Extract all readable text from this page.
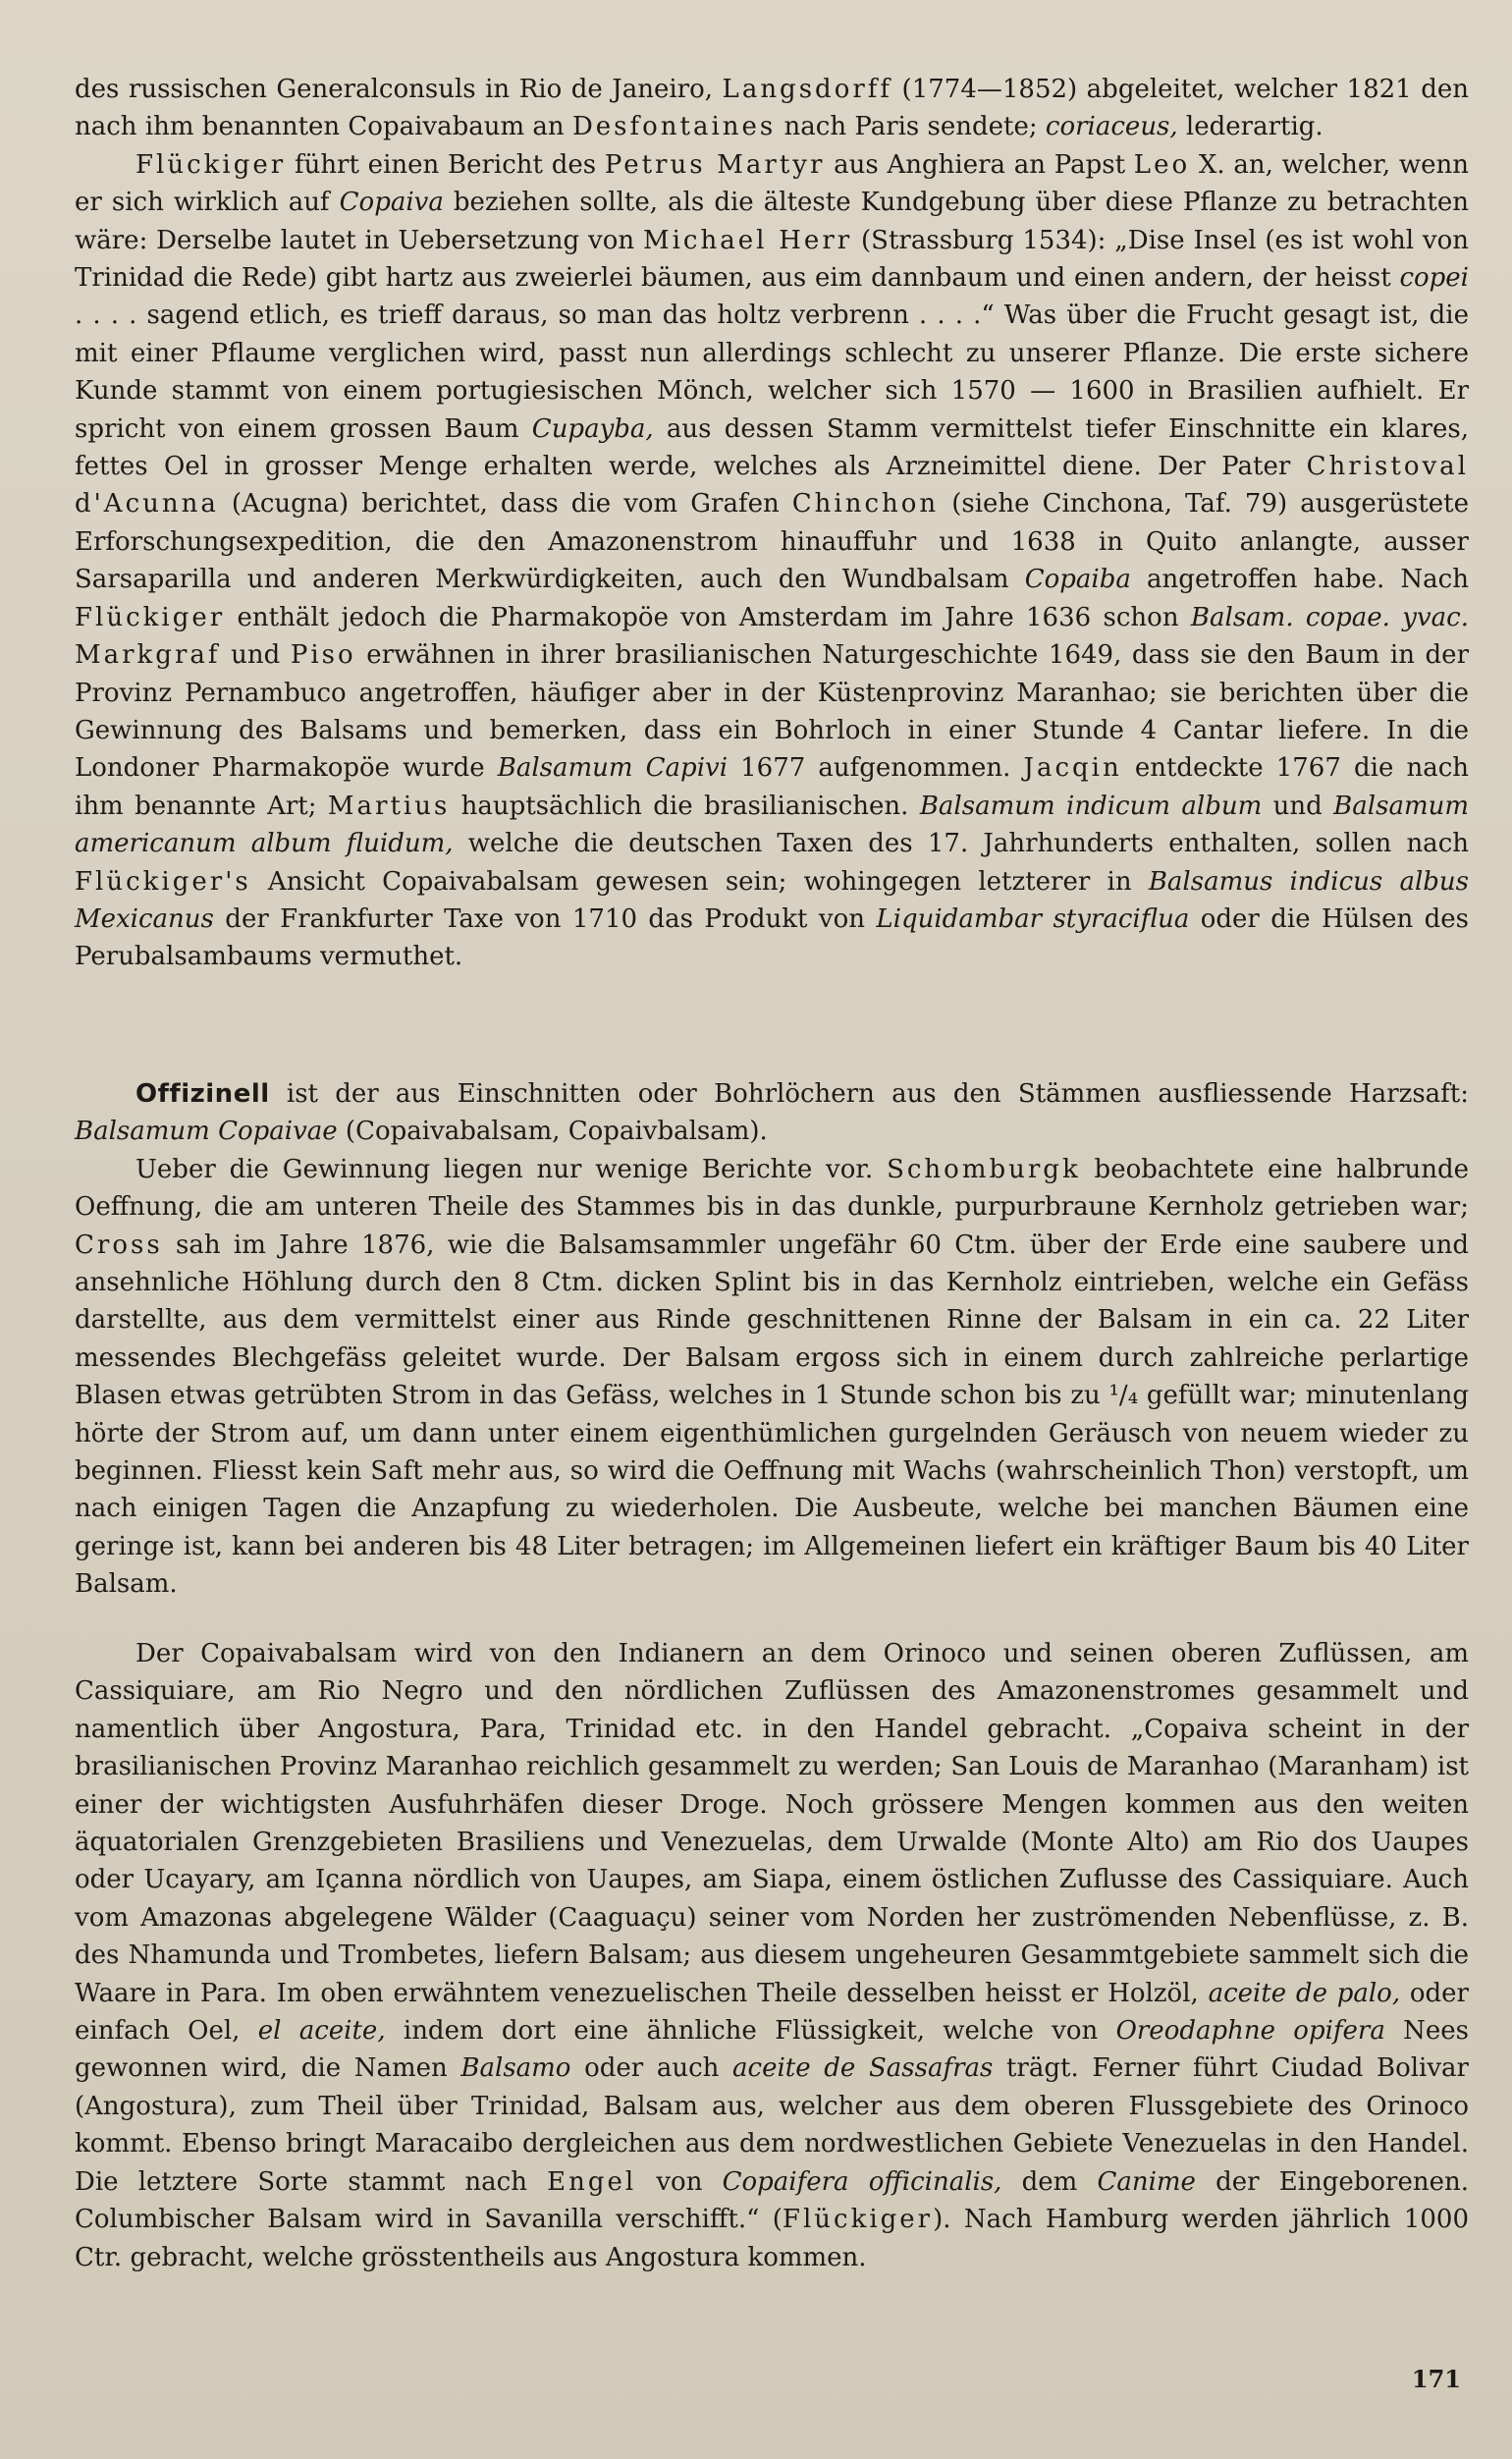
des russischen Generalconsuls in Rio de Janeiro, Langsdorff (1774—1852) abgeleitet, welcher 1821 den nach ihm benannten Copaivabaum an Desfontaines nach Paris sendete; coriaceus, lederartig.

Flückiger führt einen Bericht des Petrus Martyr aus Anghiera an Papst Leo X. an, welcher, wenn er sich wirklich auf Copaiva beziehen sollte, als die älteste Kundgebung über diese Pflanze zu betrachten wäre: Derselbe lautet in Uebersetzung von Michael Herr (Strassburg 1534): „Dise Insel (es ist wohl von Trinidad die Rede) gibt hartz aus zweierlei bäumen, aus eim dannbaum und einen andern, der heisst copei . . . . sagend etlich, es trieff daraus, so man das holtz verbrenn . . . .“ Was über die Frucht gesagt ist, die mit einer Pflaume verglichen wird, passt nun allerdings schlecht zu unserer Pflanze. Die erste sichere Kunde stammt von einem portugiesischen Mönch, welcher sich 1570 — 1600 in Brasilien aufhielt. Er spricht von einem grossen Baum Cupayba, aus dessen Stamm vermittelst tiefer Einschnitte ein klares, fettes Oel in grosser Menge erhalten werde, welches als Arzneimittel diene. Der Pater Christoval d'Acunna (Acugna) berichtet, dass die vom Grafen Chinchon (siehe Cinchona, Taf. 79) ausgerüstete Erforschungsexpedition, die den Amazonenstrom hinauffuhr und 1638 in Quito anlangte, ausser Sarsaparilla und anderen Merkwürdigkeiten, auch den Wundbalsam Copaiba angetroffen habe. Nach Flückiger enthält jedoch die Pharmakopöe von Amsterdam im Jahre 1636 schon Balsam. copae. yvac. Markgraf und Piso erwähnen in ihrer brasilianischen Naturgeschichte 1649, dass sie den Baum in der Provinz Pernambuco angetroffen, häufiger aber in der Küstenprovinz Maranhao; sie berichten über die Gewinnung des Balsams und bemerken, dass ein Bohrloch in einer Stunde 4 Cantar liefere. In die Londoner Pharmakopöe wurde Balsamum Capivi 1677 aufgenommen. Jacqin entdeckte 1767 die nach ihm benannte Art; Martius hauptsächlich die brasilianischen. Balsamum indicum album und Balsamum americanum album fluidum, welche die deutschen Taxen des 17. Jahrhunderts enthalten, sollen nach Flückiger's Ansicht Copaivabalsam gewesen sein; wohingegen letzterer in Balsamus indicus albus Mexicanus der Frankfurter Taxe von 1710 das Produkt von Liquidambar styraciflua oder die Hülsen des Perubalsambaums vermuthet.

Offizinell ist der aus Einschnitten oder Bohrlöchern aus den Stämmen ausfliessende Harzsaft: Balsamum Copaivae (Copaivabalsam, Copaivbalsam).

Ueber die Gewinnung liegen nur wenige Berichte vor. Schomburgk beobachtete eine halbrunde Oeffnung, die am unteren Theile des Stammes bis in das dunkle, purpurbraune Kernholz getrieben war; Cross sah im Jahre 1876, wie die Balsamsammler ungefähr 60 Ctm. über der Erde eine saubere und ansehnliche Höhlung durch den 8 Ctm. dicken Splint bis in das Kernholz eintrieben, welche ein Gefäss darstellte, aus dem vermittelst einer aus Rinde geschnittenen Rinne der Balsam in ein ca. 22 Liter messendes Blechgefäss geleitet wurde. Der Balsam ergoss sich in einem durch zahlreiche perlartige Blasen etwas getrübten Strom in das Gefäss, welches in 1 Stunde schon bis zu ¹/₄ gefüllt war; minutenlang hörte der Strom auf, um dann unter einem eigenthümlichen gurgelnden Geräusch von neuem wieder zu beginnen. Fliesst kein Saft mehr aus, so wird die Oeffnung mit Wachs (wahrscheinlich Thon) verstopft, um nach einigen Tagen die Anzapfung zu wiederholen. Die Ausbeute, welche bei manchen Bäumen eine geringe ist, kann bei anderen bis 48 Liter betragen; im Allgemeinen liefert ein kräftiger Baum bis 40 Liter Balsam.

Der Copaivabalsam wird von den Indianern an dem Orinoco und seinen oberen Zuflüssen, am Cassiquiare, am Rio Negro und den nördlichen Zuflüssen des Amazonenstromes gesammelt und namentlich über Angostura, Para, Trinidad etc. in den Handel gebracht. „Copaiva scheint in der brasilianischen Provinz Maranhao reichlich gesammelt zu werden; San Louis de Maranhao (Maranham) ist einer der wichtigsten Ausfuhrhäfen dieser Droge. Noch grössere Mengen kommen aus den weiten äquatorialen Grenzgebieten Brasiliens und Venezuelas, dem Urwalde (Monte Alto) am Rio dos Uaupes oder Ucayary, am Içanna nördlich von Uaupes, am Siapa, einem östlichen Zuflusse des Cassiquiare. Auch vom Amazonas abgelegene Wälder (Caaguaçu) seiner vom Norden her zuströmenden Nebenflüsse, z. B. des Nhamunda und Trombetes, liefern Balsam; aus diesem ungeheuren Gesammtgebiete sammelt sich die Waare in Para. Im oben erwähntem venezuelischen Theile desselben heisst er Holzöl, aceite de palo, oder einfach Oel, el aceite, indem dort eine ähnliche Flüssigkeit, welche von Oreodaphne opifera Nees gewonnen wird, die Namen Balsamo oder auch aceite de Sassafras trägt. Ferner führt Ciudad Bolivar (Angostura), zum Theil über Trinidad, Balsam aus, welcher aus dem oberen Flussgebiete des Orinoco kommt. Ebenso bringt Maracaibo dergleichen aus dem nordwestlichen Gebiete Venezuelas in den Handel. Die letztere Sorte stammt nach Engel von Copaifera officinalis, dem Canime der Eingeborenen. Columbischer Balsam wird in Savanilla verschifft.“ (Flückiger). Nach Hamburg werden jährlich 1000 Ctr. gebracht, welche grösstentheils aus Angostura kommen.

171
